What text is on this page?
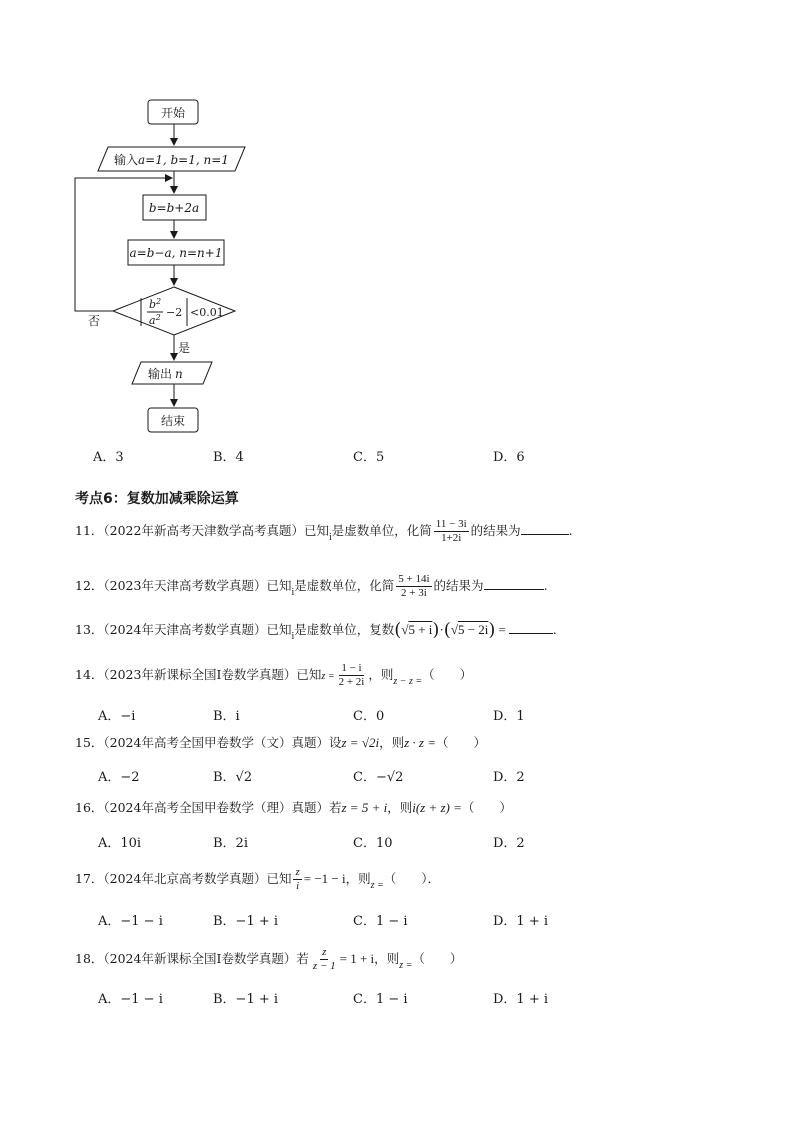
开始
输入a=1, b=1, n=1
b=b+2a
a=b−a, n=n+1
$b^2$
$a^2 -2 <0.01$
否
是
输出 n
结束
A．3	B．4	C．5	D．6
考点6：复数加减乘除运算
11．（2022年新高考天津数学高考真题）已知$_i$是虚数单位，化简 $\frac{11 - 3i}{1+2i}$ 的结果为	.
12．（2023年天津高考数学真题）已知$_i$是虚数单位，化简 $\frac{5 + 14i}{2 + 3i}$ 的结果为	.
13．（2024年天津高考数学真题）已知$_i$是虚数单位，复数(√5 + i)·(√5 − 2i) =	.
14．（2023年新课标全国Ⅰ卷数学真题）已知$z = \frac{1 - i}{2 + 2i}$ ，则$_{z - z =}$（　　）
A．−i	B．i	C．0	D．1
15．（2024年高考全国甲卷数学（文）真题）设z = √2i，则z · z =（　　）
A．−2	B．√2	C．−√2	D．2
16．（2024年高考全国甲卷数学（理）真题）若z = 5 + i，则i(z + z) =（　　）
A．10i	B．2i	C．10	D．2
17．（2024年北京高考数学真题）已知 $\frac{z}{i} = -1 - i$，则$_{z =}$（　　）．
A．−1 − i	B．−1 + i	C．1 − i	D．1 + i
18．（2024年新课标全国Ⅰ卷数学真题）若 $\frac{z}{z - 1} = 1 + i$，则$_{z =}$（　　）
A．−1 − i	B．−1 + i	C．1 − i	D．1 + i
